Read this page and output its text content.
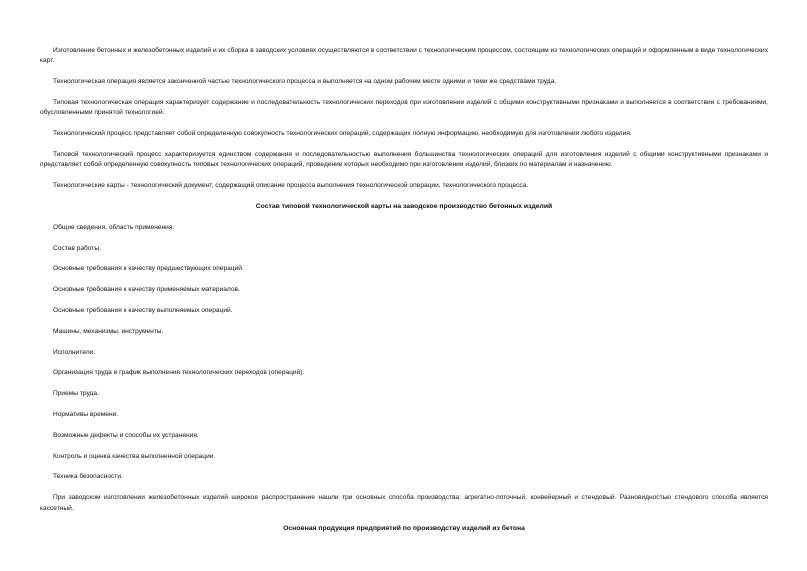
Изготовление бетонных и железобетонных изделий и их сборка в заводских условиях осуществляются в соответствии с технологическим процессом, состоящим из технологических операций и оформленным в виде технологических карт.

Технологическая операция является законченной частью технологического процесса и выполняется на одном рабочем месте одними и теми же средствами труда.

Типовая технологическая операция характеризует содержание и последовательность технологических переходов при изготовлении изделий с общими конструктивными признаками и выполняется в соответствии с требованиями, обусловленными принятой технологией.

Технологический процесс представляет собой определенную совокупность технологических операций, содержащих полную информацию, необходимую для изготовления любого изделия.

Типовой технологический процесс характеризуется единством содержания и последовательностью выполнения большинства технологических операций для изготовления изделий с общими конструктивными признаками и представляет собой определенную совокупность типовых технологических операций, проведение которых необходимо при изготовлении изделий, близких по материалам и назначению.

Технологические карты - технологический документ, содержащий описание процесса выполнения технологической операции, технологического процесса.

Состав типовой технологической карты на заводское производство бетонных изделий

Общие сведения, область применения.

Состав работы.

Основные требования к качеству предшествующих операций.

Основные требования к качеству применяемых материалов.

Основные требования к качеству выполняемых операций.

Машины, механизмы, инструменты.

Исполнители.

Организация труда и график выполнения технологических переходов (операций).

Приемы труда.

Нормативы времени.

Возможные дефекты и способы их устранения.

Контроль и оценка качества выполненной операции.

Техника безопасности.

При заводском изготовлении железобетонных изделий широкое распространение нашли три основных способа производства: агрегатно-поточный, конвейерный и стендовый. Разновидностью стендового способа является кассетный.

Основная продукция предприятий по производству изделий из бетона
